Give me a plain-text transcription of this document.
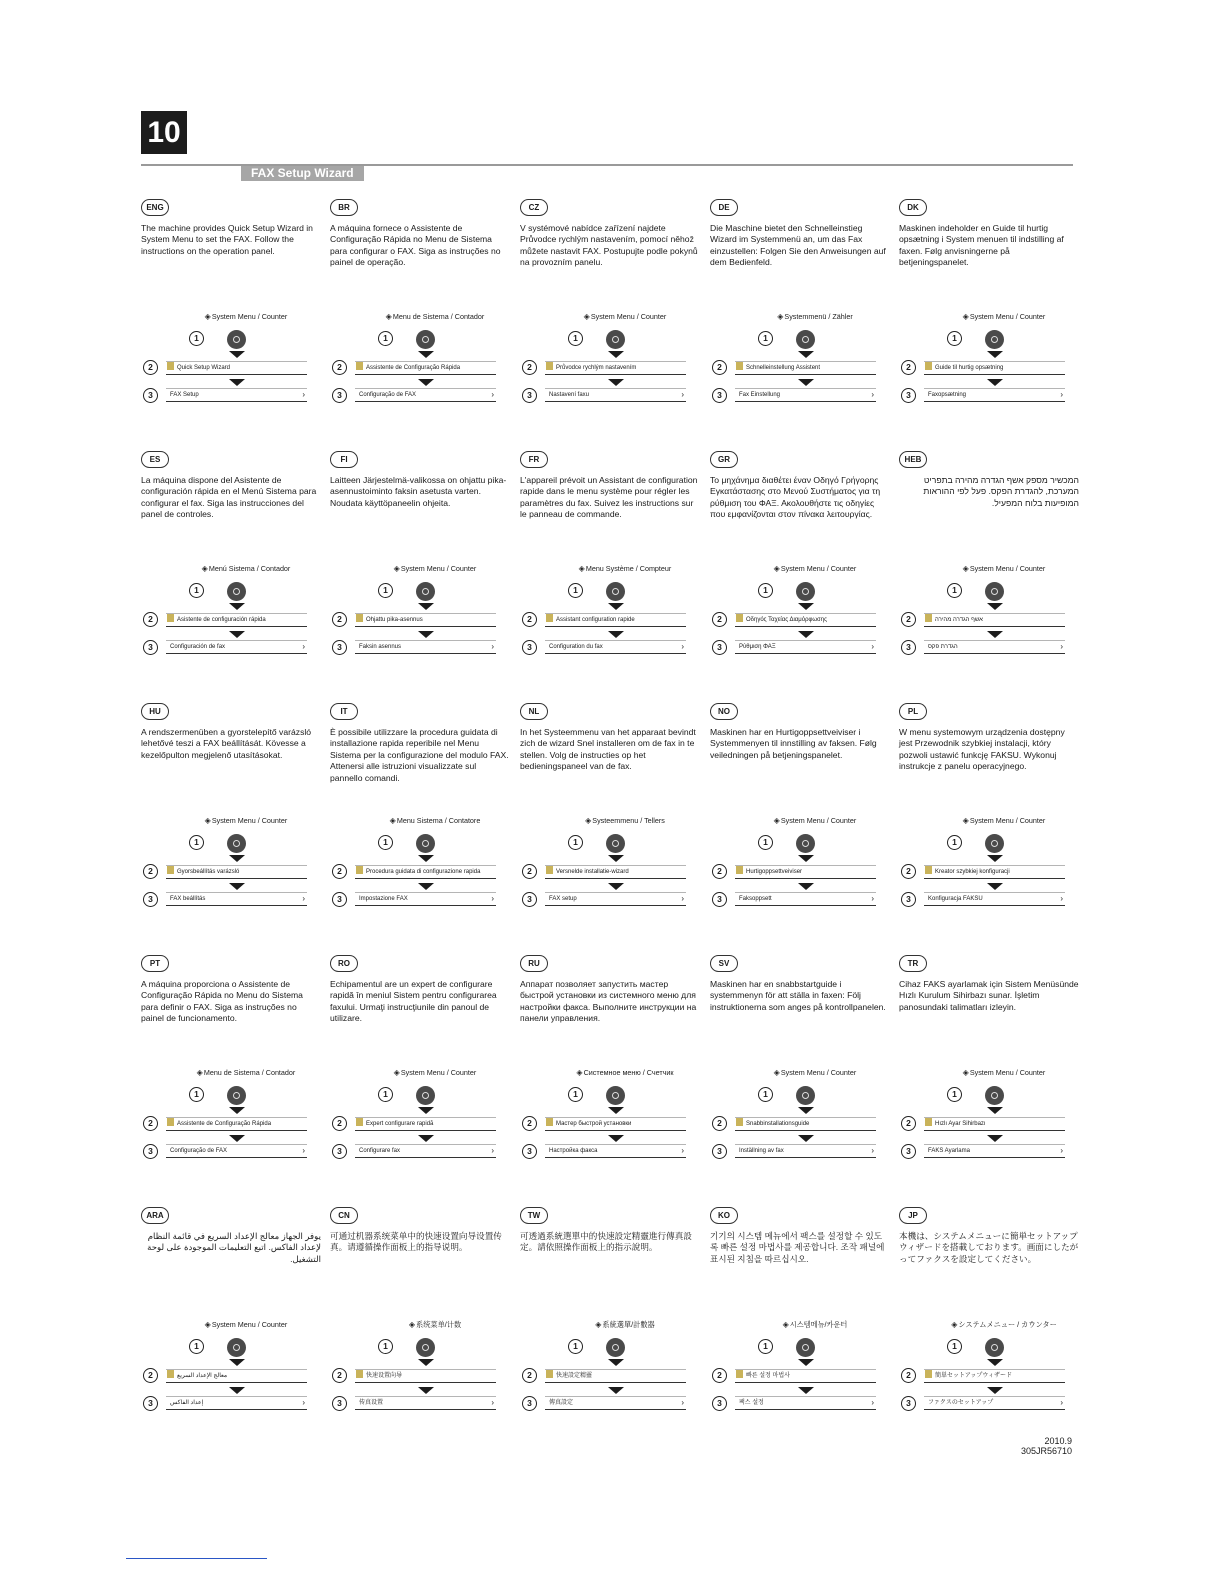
10
FAX Setup Wizard
ENG
The machine provides Quick Setup Wizard in System Menu to set the FAX. Follow the instructions on the operation panel.
◈System Menu / Counter
1
2	Quick Setup Wizard
3	FAX Setup	›
BR
A máquina fornece o Assistente de Configuração Rápida no Menu de Sistema para configurar o FAX. Siga as instruções no painel de operação.
◈Menu de Sistema / Contador
1
2	Assistente de Configuração Rápida
3	Configuração de FAX	›
CZ
V systémové nabídce zařízení najdete Průvodce rychlým nastavením, pomocí něhož můžete nastavit FAX. Postupujte podle pokynů na provozním panelu.
◈System Menu / Counter
1
2	Průvodce rychlým nastavením
3	Nastavení faxu	›
DE
Die Maschine bietet den Schnelleinstieg Wizard im Systemmenü an, um das Fax einzustellen: Folgen Sie den Anweisungen auf dem Bedienfeld.
◈Systemmenü / Zähler
1
2	Schnelleinstellung Assistent
3	Fax Einstellung	›
DK
Maskinen indeholder en Guide til hurtig opsætning i System menuen til indstilling af faxen. Følg anvisningerne på betjeningspanelet.
◈System Menu / Counter
1
2	Guide til hurtig opsætning
3	Faxopsætning	›
ES
La máquina dispone del Asistente de configuración rápida en el Menú Sistema para configurar el fax. Siga las instrucciones del panel de controles.
◈Menú Sistema / Contador
1
2	Asistente de configuración rápida
3	Configuración de fax	›
FI
Laitteen Järjestelmä-valikossa on ohjattu pika-asennustoiminto faksin asetusta varten. Noudata käyttöpaneelin ohjeita.
◈System Menu / Counter
1
2	Ohjattu pika-asennus
3	Faksin asennus	›
FR
L'appareil prévoit un Assistant de configuration rapide dans le menu système pour régler les paramètres du fax. Suivez les instructions sur le panneau de commande.
◈Menu Système / Compteur
1
2	Assistant configuration rapide
3	Configuration du fax	›
GR
Το μηχάνημα διαθέτει έναν Οδηγό Γρήγορης Εγκατάστασης στο Μενού Συστήματος για τη ρύθμιση του ΦΑΞ. Ακολουθήστε τις οδηγίες που εμφανίζονται στον πίνακα λειτουργίας.
◈System Menu / Counter
1
2	Οδηγός Ταχείας Διαμόρφωσης
3	Ρύθμιση ΦΑΞ	›
HEB
המכשיר מספק אשף הגדרה מהירה בתפריט המערכת, להגדרת הפקס. פעל לפי ההוראות המופיעות בלוח המפעיל.
◈System Menu / Counter
1
2	אשף הגדרה מהירה
3	הגדרת פקס	›
HU
A rendszermenüben a gyorstelepítő varázsló lehetővé teszi a FAX beállítását. Kövesse a kezelőpulton megjelenő utasításokat.
◈System Menu / Counter
1
2	Gyorsbeállítás varázsló
3	FAX beállítás	›
IT
È possibile utilizzare la procedura guidata di installazione rapida reperibile nel Menu Sistema per la configurazione del modulo FAX. Attenersi alle istruzioni visualizzate sul pannello comandi.
◈Menu Sistema / Contatore
1
2	Procedura guidata di configurazione rapida
3	Impostazione FAX	›
NL
In het Systeemmenu van het apparaat bevindt zich de wizard Snel installeren om de fax in te stellen. Volg de instructies op het bedieningspaneel van de fax.
◈Systeemmenu / Tellers
1
2	Versnelde installatie-wizard
3	FAX setup	›
NO
Maskinen har en Hurtigoppsettveiviser i Systemmenyen til innstilling av faksen. Følg veiledningen på betjeningspanelet.
◈System Menu / Counter
1
2	Hurtigoppsettveiviser
3	Faksoppsett	›
PL
W menu systemowym urządzenia dostępny jest Przewodnik szybkiej instalacji, który pozwoli ustawić funkcję FAKSU. Wykonuj instrukcje z panelu operacyjnego.
◈System Menu / Counter
1
2	Kreator szybkiej konfiguracji
3	Konfiguracja FAKSU	›
PT
A máquina proporciona o Assistente de Configuração Rápida no Menu do Sistema para definir o FAX. Siga as instruções no painel de funcionamento.
◈Menu de Sistema / Contador
1
2	Assistente de Configuração Rápida
3	Configuração de FAX	›
RO
Echipamentul are un expert de configurare rapidă în meniul Sistem pentru configurarea faxului. Urmaţi instrucţiunile din panoul de utilizare.
◈System Menu / Counter
1
2	Expert configurare rapidă
3	Configurare fax	›
RU
Аппарат позволяет запустить мастер быстрой установки из системного меню для настройки факса. Выполните инструкции на панели управления.
◈Системное меню / Счетчик
1
2	Мастер быстрой установки
3	Настройка факса	›
SV
Maskinen har en snabbstartguide i systemmenyn för att ställa in faxen: Följ instruktionerna som anges på kontrollpanelen.
◈System Menu / Counter
1
2	Snabbinstallationsguide
3	Inställning av fax	›
TR
Cihaz FAKS ayarlamak için Sistem Menüsünde Hızlı Kurulum Sihirbazı sunar. İşletim panosundaki talimatları izleyin.
◈System Menu / Counter
1
2	Hızlı Ayar Sihirbazı
3	FAKS Ayarlama	›
ARA
يوفر الجهاز معالج الإعداد السريع في قائمة النظام لإعداد الفاكس. اتبع التعليمات الموجودة على لوحة التشغيل.
◈System Menu / Counter
1
2	معالج الإعداد السريع
3	إعداد الفاكس	›
CN
可通过机器系统菜单中的快速设置向导设置传真。请遵循操作面板上的指导说明。
◈系统菜单/计数
1
2	快速设置向导
3	传真设置	›
TW
可透過系統選單中的快速設定精靈進行傳真設定。請依照操作面板上的指示說明。
◈系統選單/計數器
1
2	快速設定精靈
3	傳真設定	›
KO
기기의 시스템 메뉴에서 팩스를 설정할 수 있도록 빠른 설정 마법사를 제공합니다. 조작 패널에 표시된 지침을 따르십시오.
◈시스템메뉴/카운터
1
2	빠른 설정 마법사
3	팩스 설정	›
JP
本機は、システムメニューに簡単セットアップウィザードを搭載しております。画面にしたがってファクスを設定してください。
◈システムメニュー / カウンター
1
2	簡単セットアップウィザード
3	ファクスのセットアップ	›
2010.9
305JR56710
